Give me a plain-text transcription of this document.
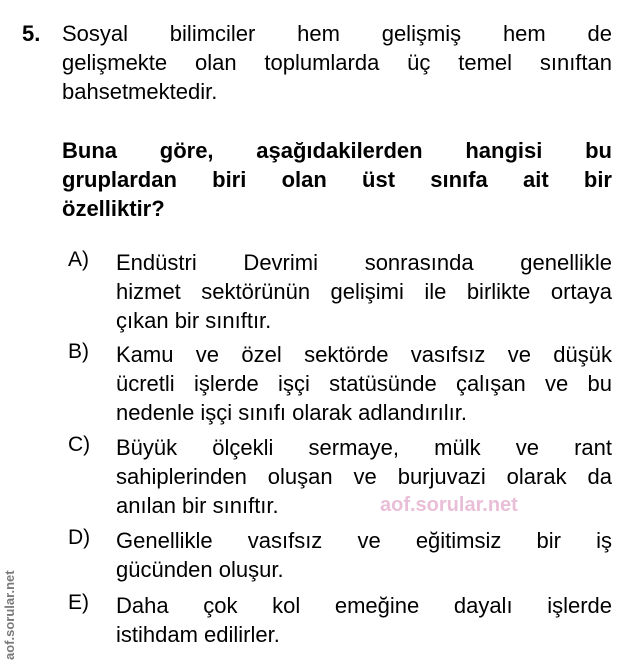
5. Sosyal bilimciler hem gelişmiş hem de
gelişmekte olan toplumlarda üç temel sınıftan
bahsetmektedir.
Buna göre, aşağıdakilerden hangisi bu
gruplardan biri olan üst sınıfa ait bir
özelliktir?
A) Endüstri Devrimi sonrasında genellikle
hizmet sektörünün gelişimi ile birlikte ortaya
çıkan bir sınıftır.
B) Kamu ve özel sektörde vasıfsız ve düşük
ücretli işlerde işçi statüsünde çalışan ve bu
nedenle işçi sınıfı olarak adlandırılır.
C) Büyük ölçekli sermaye, mülk ve rant
sahiplerinden oluşan ve burjuvazi olarak da
anılan bir sınıftır.
D) Genellikle vasıfsız ve eğitimsiz bir iş
gücünden oluşur.
E) Daha çok kol emeğine dayalı işlerde
istihdam edilirler.
aof.sorular.net
aof.sorular.net
